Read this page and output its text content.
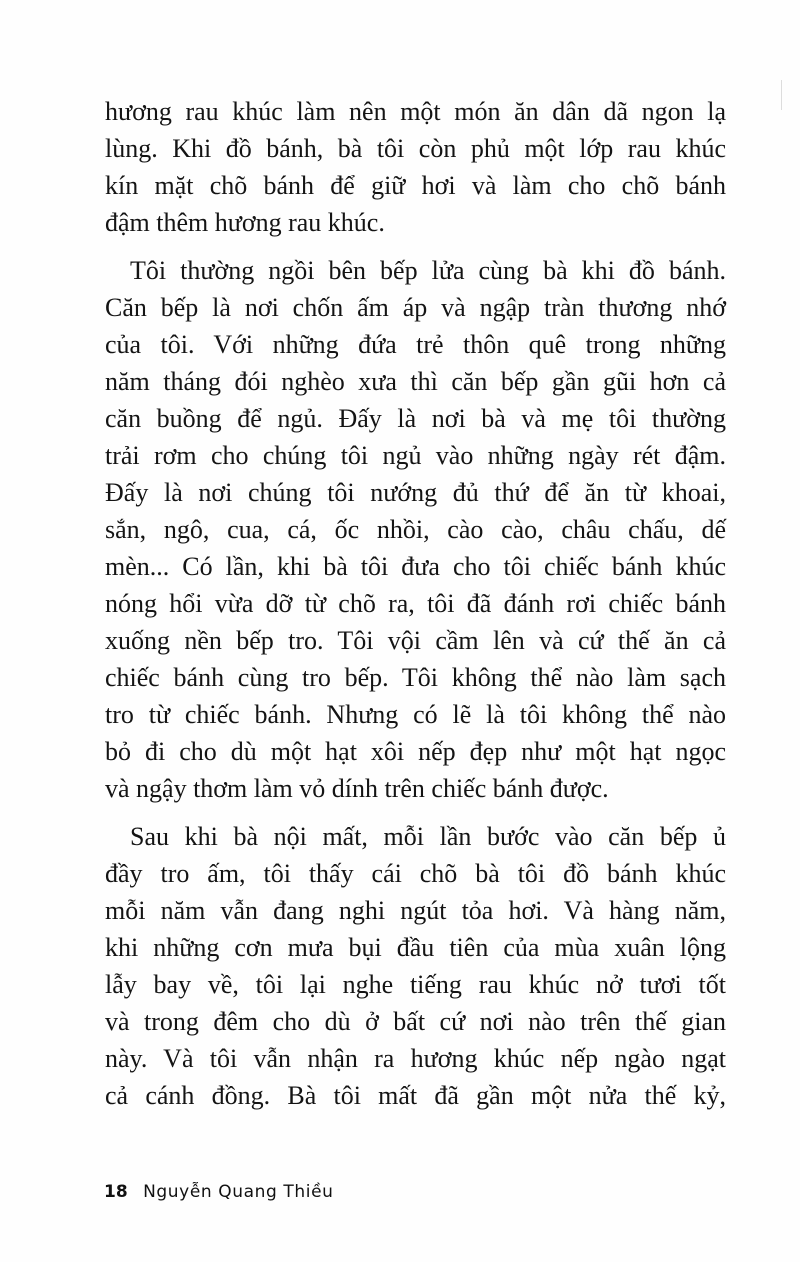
hương rau khúc làm nên một món ăn dân dã ngon lạ
lùng. Khi đồ bánh, bà tôi còn phủ một lớp rau khúc
kín mặt chõ bánh để giữ hơi và làm cho chõ bánh
đậm thêm hương rau khúc.
Tôi thường ngồi bên bếp lửa cùng bà khi đồ bánh.
Căn bếp là nơi chốn ấm áp và ngập tràn thương nhớ
của tôi. Với những đứa trẻ thôn quê trong những
năm tháng đói nghèo xưa thì căn bếp gần gũi hơn cả
căn buồng để ngủ. Đấy là nơi bà và mẹ tôi thường
trải rơm cho chúng tôi ngủ vào những ngày rét đậm.
Đấy là nơi chúng tôi nướng đủ thứ để ăn từ khoai,
sắn, ngô, cua, cá, ốc nhồi, cào cào, châu chấu, dế
mèn... Có lần, khi bà tôi đưa cho tôi chiếc bánh khúc
nóng hổi vừa dỡ từ chõ ra, tôi đã đánh rơi chiếc bánh
xuống nền bếp tro. Tôi vội cầm lên và cứ thế ăn cả
chiếc bánh cùng tro bếp. Tôi không thể nào làm sạch
tro từ chiếc bánh. Nhưng có lẽ là tôi không thể nào
bỏ đi cho dù một hạt xôi nếp đẹp như một hạt ngọc
và ngậy thơm làm vỏ dính trên chiếc bánh được.
Sau khi bà nội mất, mỗi lần bước vào căn bếp ủ
đầy tro ấm, tôi thấy cái chõ bà tôi đồ bánh khúc
mỗi năm vẫn đang nghi ngút tỏa hơi. Và hàng năm,
khi những cơn mưa bụi đầu tiên của mùa xuân lộng
lẫy bay về, tôi lại nghe tiếng rau khúc nở tươi tốt
và trong đêm cho dù ở bất cứ nơi nào trên thế gian
này. Và tôi vẫn nhận ra hương khúc nếp ngào ngạt
cả cánh đồng. Bà tôi mất đã gần một nửa thế kỷ,
18 Nguyễn Quang Thiều
